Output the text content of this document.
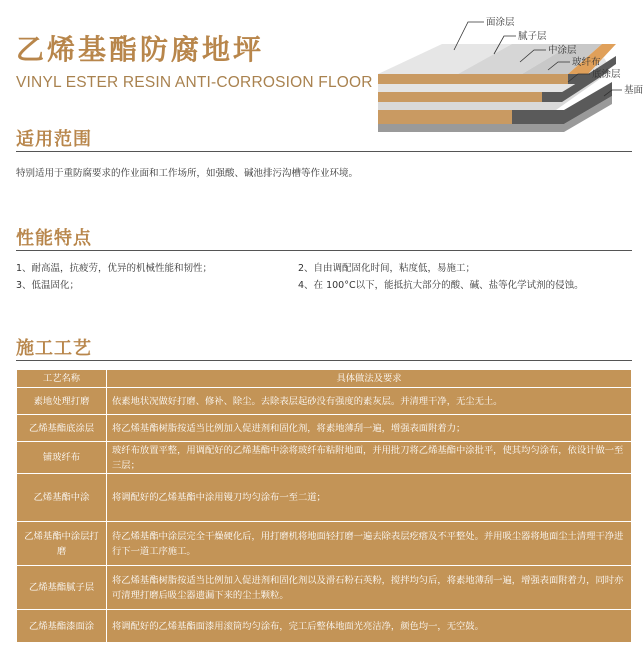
乙烯基酯防腐地坪

VINYL ESTER RESIN ANTI-CORROSION FLOOR

面涂层
腻子层
中涂层
玻纤布
底涂层
基面
适用范围

特别适用于重防腐要求的作业面和工作场所，如强酸、碱池排污沟槽等作业环境。

性能特点

1、耐高温，抗疲劳，优异的机械性能和韧性；	2、自由调配固化时间，粘度低，易施工；

3、低温固化；	4、在 100°C以下，能抵抗大部分的酸、碱、盐等化学试剂的侵蚀。

施工工艺
工艺名称	具体做法及要求
素地处理打磨	依素地状况做好打磨、修补、除尘。去除表层起砂没有强度的素灰层。并清理干净，无尘无土。
乙烯基酯底涂层	将乙烯基酯树脂按适当比例加入促进剂和固化剂，将素地薄刮一遍，增强表面附着力；
铺玻纤布	玻纤布放置平整，用调配好的乙烯基酯中涂将玻纤布粘附地面，并用批刀将乙烯基酯中涂批平，使其均匀涂布，依设计做一至三层；
乙烯基酯中涂	将调配好的乙烯基酯中涂用镘刀均匀涂布一至二道；
乙烯基酯中涂层打磨	待乙烯基酯中涂层完全干燥硬化后，用打磨机将地面轻打磨一遍去除表层疙瘩及不平整处。并用吸尘器将地面尘土清理干净进行下一道工序施工。
乙烯基酯腻子层	将乙烯基酯树脂按适当比例加入促进剂和固化剂以及滑石粉石英粉，搅拌均匀后，将素地薄刮一遍，增强表面附着力，同时亦可清理打磨后吸尘器遗漏下来的尘土颗粒。
乙烯基酯漆面涂	将调配好的乙烯基酯面漆用滚筒均匀涂布，完工后整体地面光亮洁净，颜色均一，无空鼓。
